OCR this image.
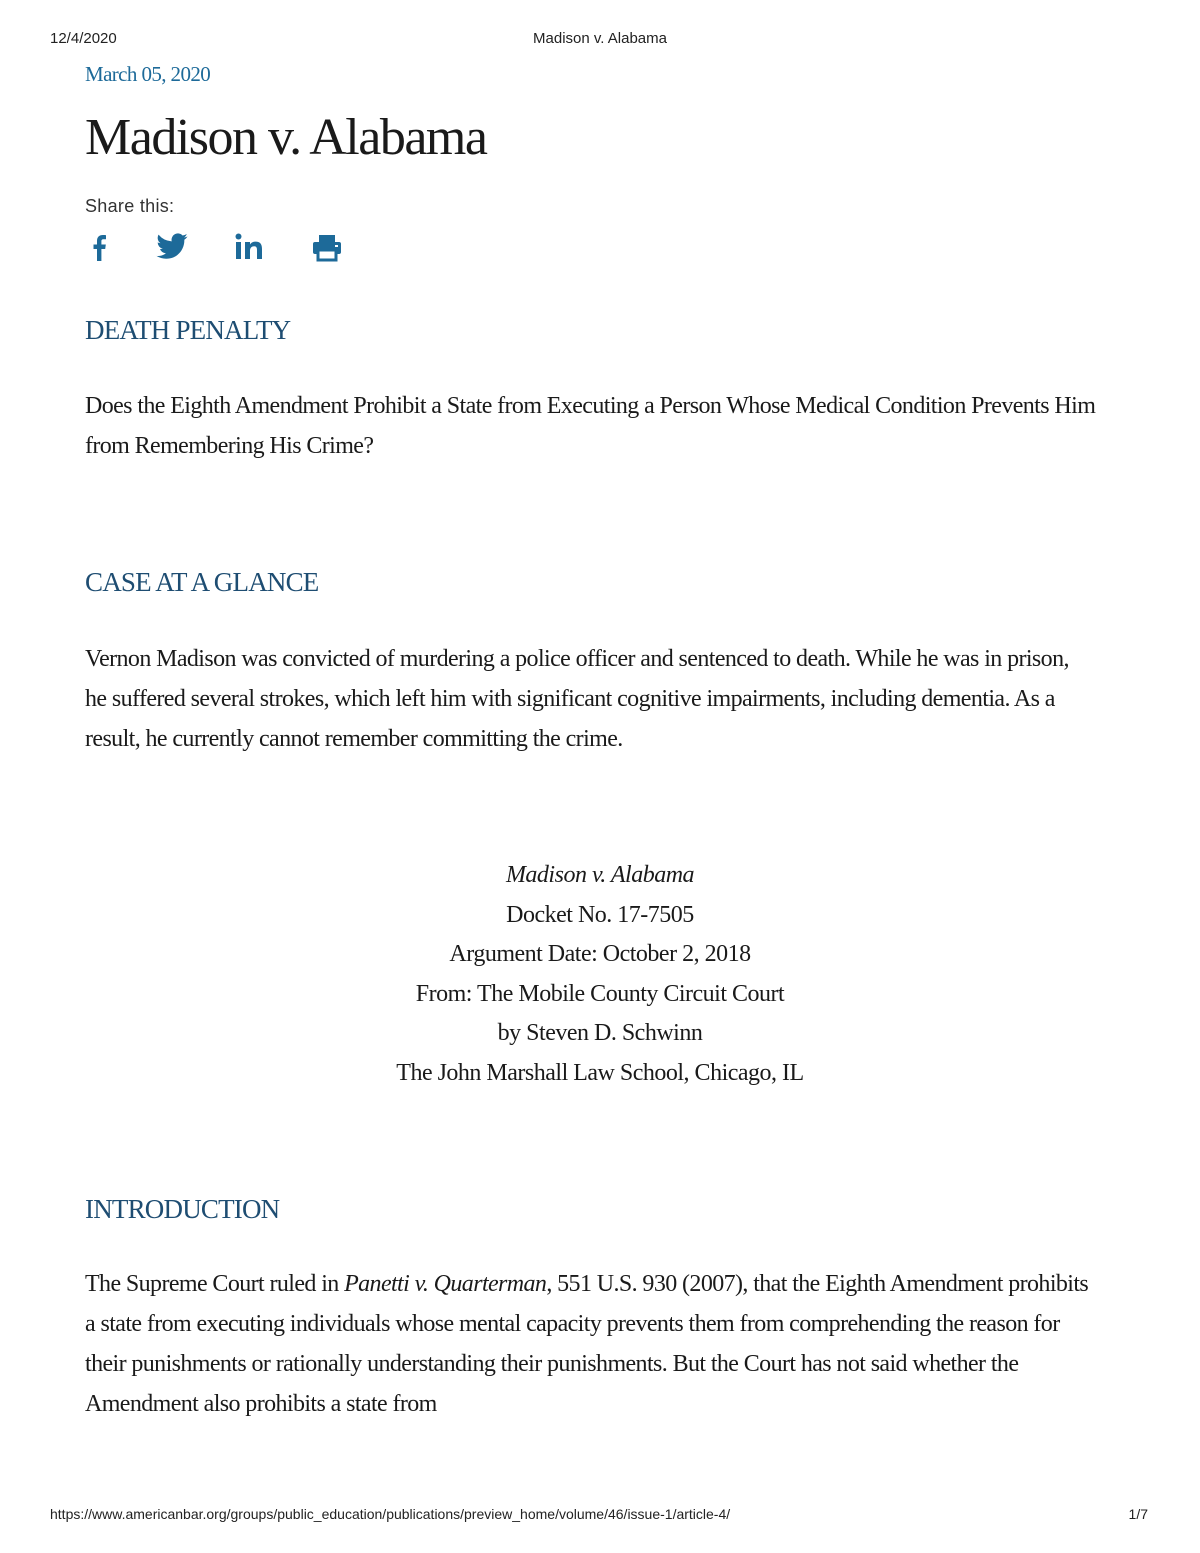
12/4/2020	Madison v. Alabama
March 05, 2020
Madison v. Alabama
Share this:
DEATH PENALTY

Does the Eighth Amendment Prohibit a State from Executing a Person Whose Medical Condition Prevents Him from Remembering His Crime?

CASE AT A GLANCE

Vernon Madison was convicted of murdering a police officer and sentenced to death. While he was in prison, he suffered several strokes, which left him with significant cognitive impairments, including dementia. As a result, he currently cannot remember committing the crime.

Madison v. Alabama
Docket No. 17-7505
Argument Date: October 2, 2018
From: The Mobile County Circuit Court
by Steven D. Schwinn
The John Marshall Law School, Chicago, IL
INTRODUCTION

The Supreme Court ruled in Panetti v. Quarterman, 551 U.S. 930 (2007), that the Eighth Amendment prohibits a state from executing individuals whose mental capacity prevents them from comprehending the reason for their punishments or rationally understanding their punishments. But the Court has not said whether the Amendment also prohibits a state from

https://www.americanbar.org/groups/public_education/publications/preview_home/volume/46/issue-1/article-4/	1/7
